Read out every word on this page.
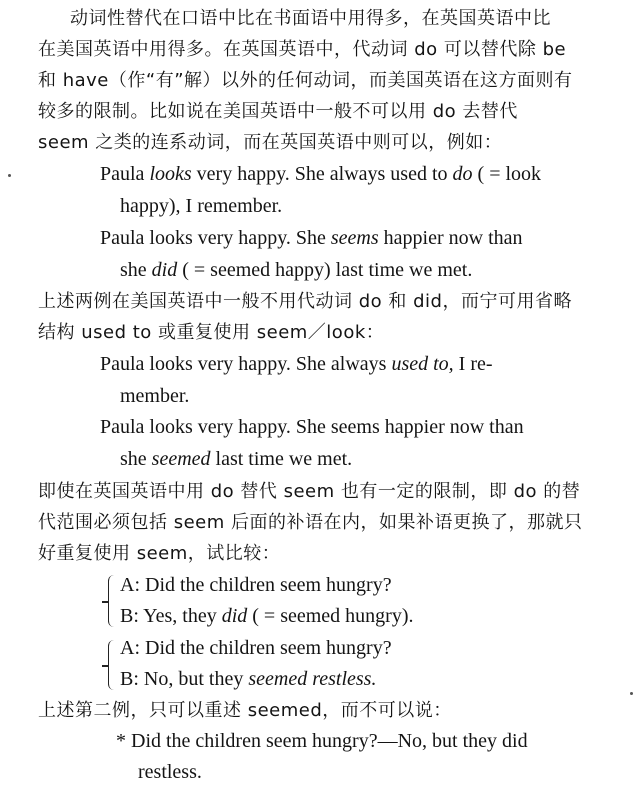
动词性替代在口语中比在书面语中用得多，在英国英语中比
在美国英语中用得多。在英国英语中，代动词 do 可以替代除 be
和 have（作“有”解）以外的任何动词，而美国英语在这方面则有
较多的限制。比如说在美国英语中一般不可以用 do 去替代
seem 之类的连系动词，而在英国英语中则可以，例如：
Paula looks very happy. She always used to do ( = look
happy), I remember.
Paula looks very happy. She seems happier now than
she did ( = seemed happy) last time we met.
上述两例在美国英语中一般不用代动词 do 和 did，而宁可用省略
结构 used to 或重复使用 seem／look：
Paula looks very happy. She always used to, I re-
member.
Paula looks very happy. She seems happier now than
she seemed last time we met.
即使在英国英语中用 do 替代 seem 也有一定的限制，即 do 的替
代范围必须包括 seem 后面的补语在内，如果补语更换了，那就只
好重复使用 seem，试比较：
A: Did the children seem hungry?
B: Yes, they did ( = seemed hungry).
A: Did the children seem hungry?
B: No, but they seemed restless.
上述第二例，只可以重述 seemed，而不可以说：
* Did the children seem hungry?—No, but they did
restless.
